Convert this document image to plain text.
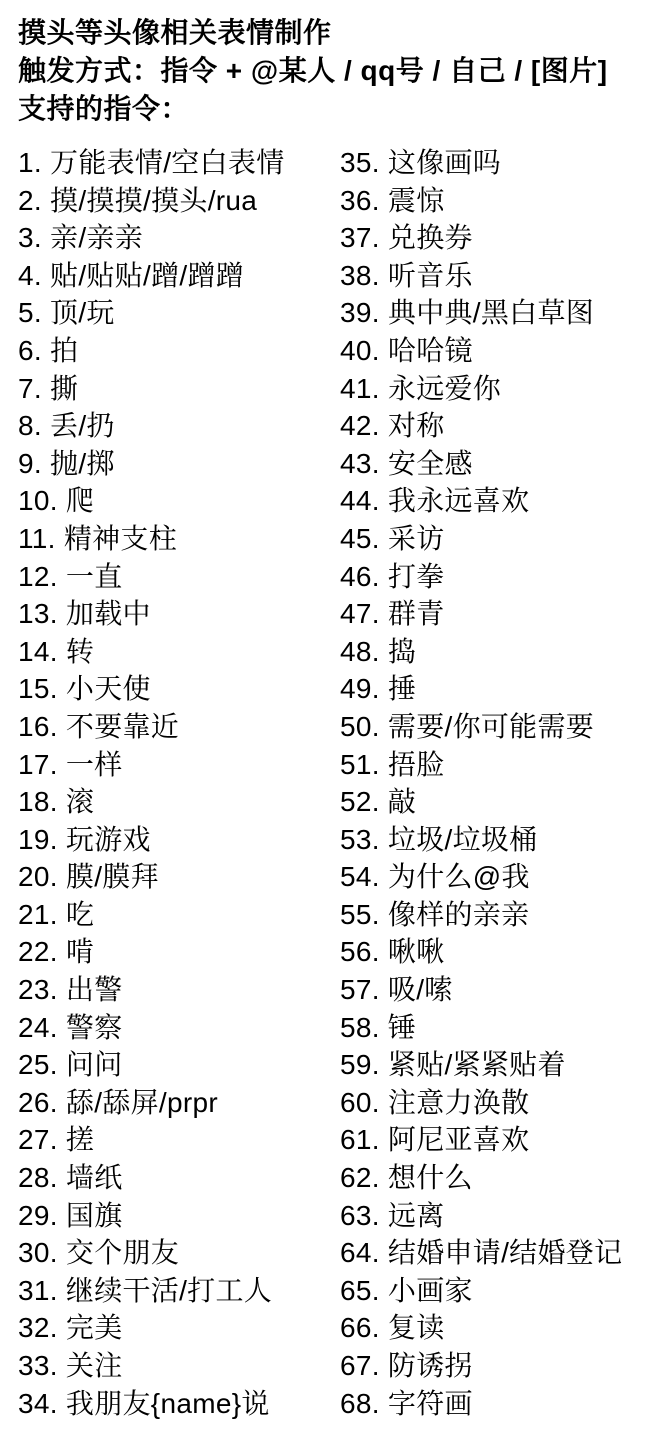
摸头等头像相关表情制作
触发方式：指令 + @某人 / qq号 / 自己 / [图片]
支持的指令：
1. 万能表情/空白表情
2. 摸/摸摸/摸头/rua
3. 亲/亲亲
4. 贴/贴贴/蹭/蹭蹭
5. 顶/玩
6. 拍
7. 撕
8. 丢/扔
9. 抛/掷
10. 爬
11. 精神支柱
12. 一直
13. 加载中
14. 转
15. 小天使
16. 不要靠近
17. 一样
18. 滚
19. 玩游戏
20. 膜/膜拜
21. 吃
22. 啃
23. 出警
24. 警察
25. 问问
26. 舔/舔屏/prpr
27. 搓
28. 墙纸
29. 国旗
30. 交个朋友
31. 继续干活/打工人
32. 完美
33. 关注
34. 我朋友{name}说
35. 这像画吗
36. 震惊
37. 兑换券
38. 听音乐
39. 典中典/黑白草图
40. 哈哈镜
41. 永远爱你
42. 对称
43. 安全感
44. 我永远喜欢
45. 采访
46. 打拳
47. 群青
48. 捣
49. 捶
50. 需要/你可能需要
51. 捂脸
52. 敲
53. 垃圾/垃圾桶
54. 为什么@我
55. 像样的亲亲
56. 啾啾
57. 吸/嗦
58. 锤
59. 紧贴/紧紧贴着
60. 注意力涣散
61. 阿尼亚喜欢
62. 想什么
63. 远离
64. 结婚申请/结婚登记
65. 小画家
66. 复读
67. 防诱拐
68. 字符画
